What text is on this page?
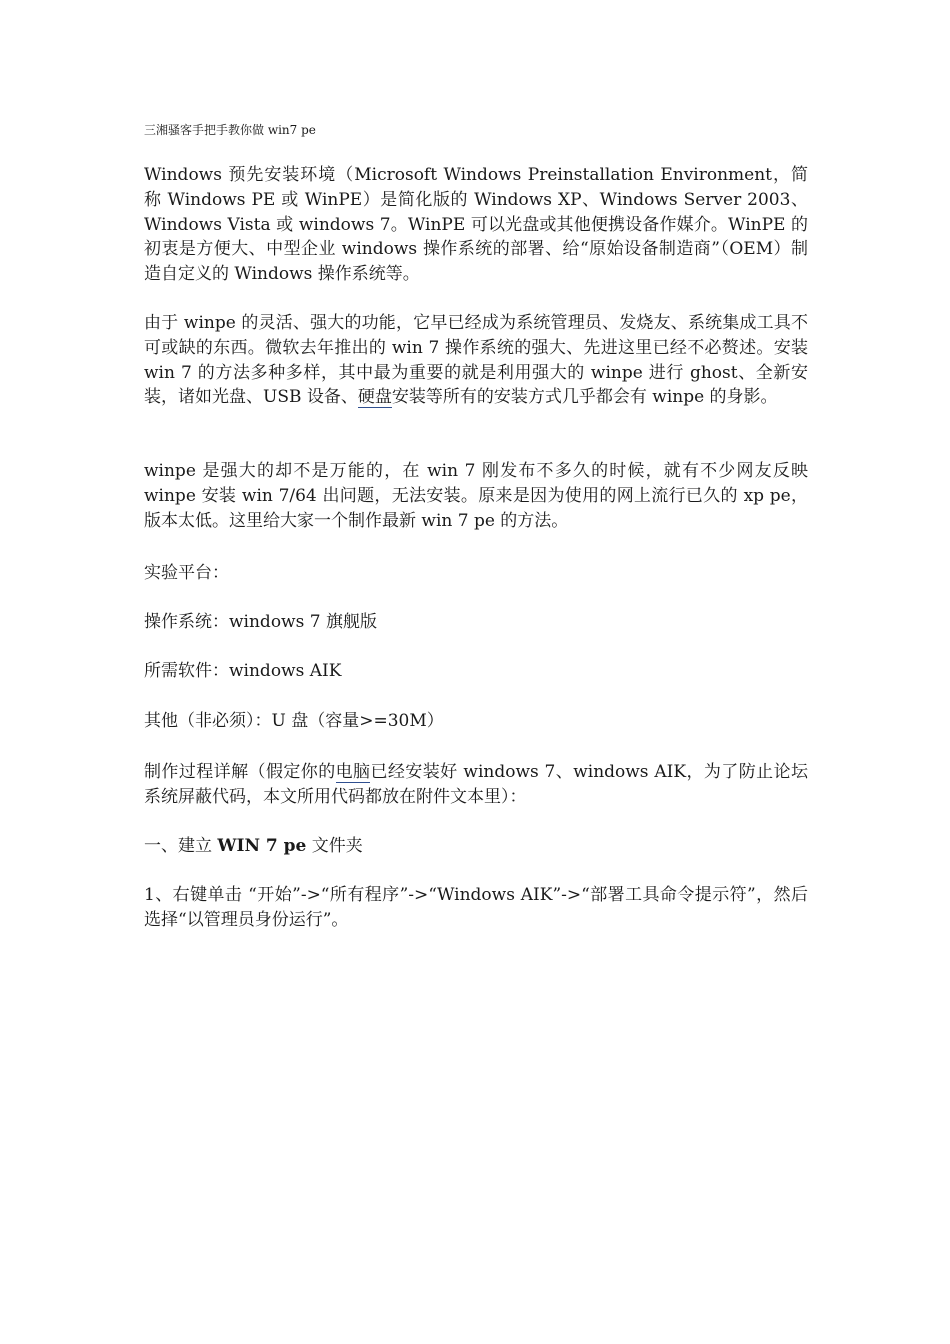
三湘骚客手把手教你做 win7 pe

Windows 预先安装环境（Microsoft Windows Preinstallation Environment，简称 Windows PE 或 WinPE）是简化版的 Windows XP、Windows Server 2003、Windows Vista 或 windows 7。WinPE 可以光盘或其他便携设备作媒介。WinPE 的初衷是方便大、中型企业 windows 操作系统的部署、给“原始设备制造商”（OEM）制造自定义的 Windows 操作系统等。

由于 winpe 的灵活、强大的功能，它早已经成为系统管理员、发烧友、系统集成工具不可或缺的东西。微软去年推出的 win 7 操作系统的强大、先进这里已经不必赘述。安装 win 7 的方法多种多样，其中最为重要的就是利用强大的 winpe 进行 ghost、全新安装，诸如光盘、USB 设备、硬盘安装等所有的安装方式几乎都会有 winpe 的身影。

winpe 是强大的却不是万能的，在 win 7 刚发布不多久的时候，就有不少网友反映 winpe 安装 win 7/64 出问题，无法安装。原来是因为使用的网上流行已久的 xp pe，版本太低。这里给大家一个制作最新 win 7 pe 的方法。

实验平台：

操作系统：windows 7 旗舰版

所需软件：windows AIK

其他（非必须）：U 盘（容量>=30M）

制作过程详解（假定你的电脑已经安装好 windows 7、windows AIK，为了防止论坛系统屏蔽代码，本文所用代码都放在附件文本里）：

一、建立 WIN 7 pe 文件夹

1、右键单击 “开始”->“所有程序”->“Windows AIK”->“部署工具命令提示符”，然后选择“以管理员身份运行”。
